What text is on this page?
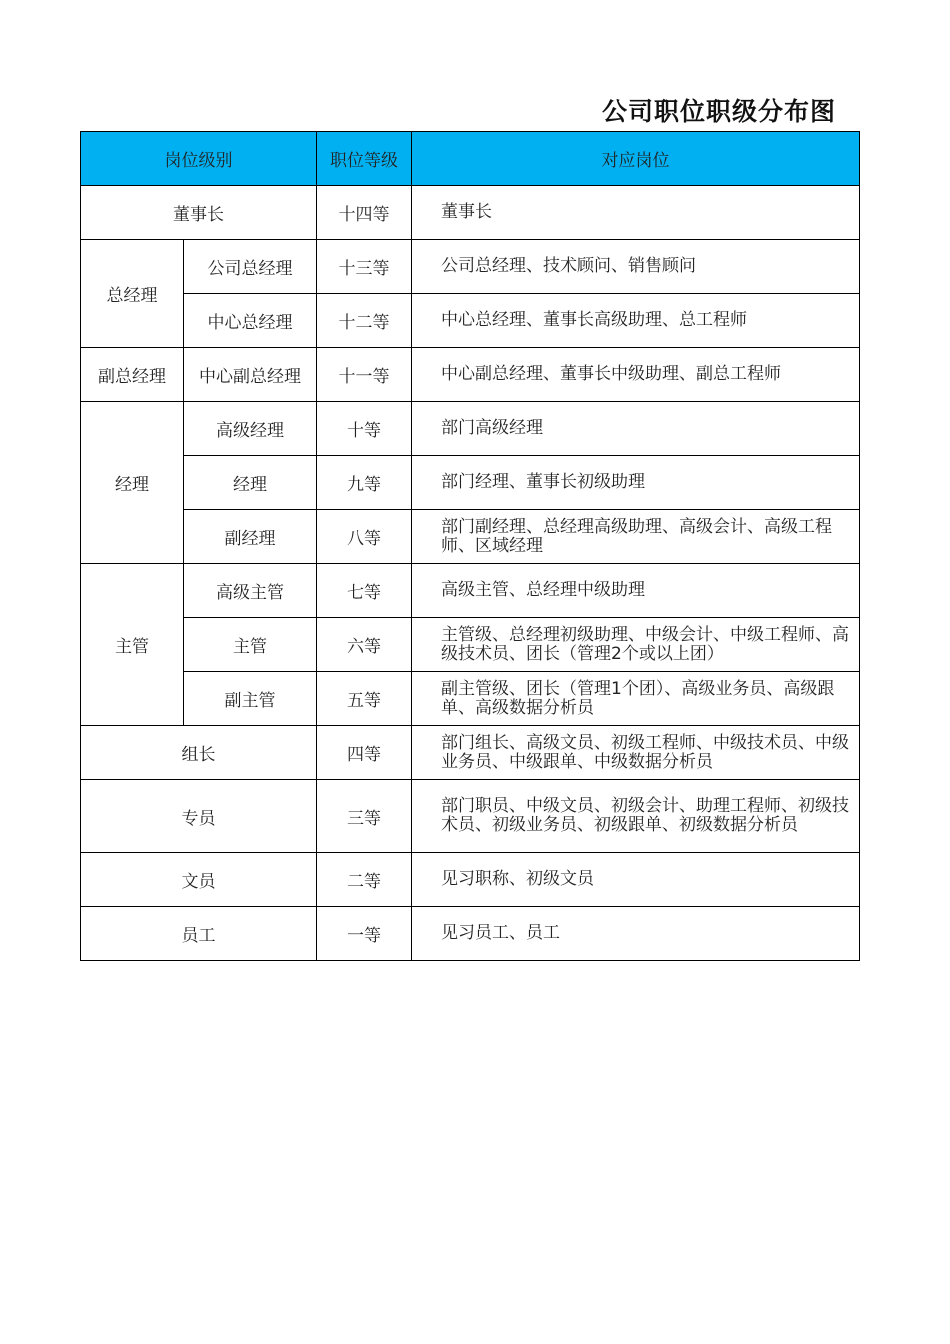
公司职位职级分布图
岗位级别		职位等级	对应岗位
董事长		十四等	董事长
总经理	公司总经理	十三等	公司总经理、技术顾问、销售顾问
	中心总经理	十二等	中心总经理、董事长高级助理、总工程师
副总经理	中心副总经理	十一等	中心副总经理、董事长中级助理、副总工程师
经理	高级经理	十等	部门高级经理
	经理	九等	部门经理、董事长初级助理
	副经理	八等	部门副经理、总经理高级助理、高级会计、高级工程师、区域经理
主管	高级主管	七等	高级主管、总经理中级助理
	主管	六等	主管级、总经理初级助理、中级会计、中级工程师、高级技术员、团长（管理2个或以上团）
	副主管	五等	副主管级、团长（管理1个团）、高级业务员、高级跟单、高级数据分析员
组长		四等	部门组长、高级文员、初级工程师、中级技术员、中级业务员、中级跟单、中级数据分析员
专员		三等	部门职员、中级文员、初级会计、助理工程师、初级技术员、初级业务员、初级跟单、初级数据分析员
文员		二等	见习职称、初级文员
员工		一等	见习员工、员工
